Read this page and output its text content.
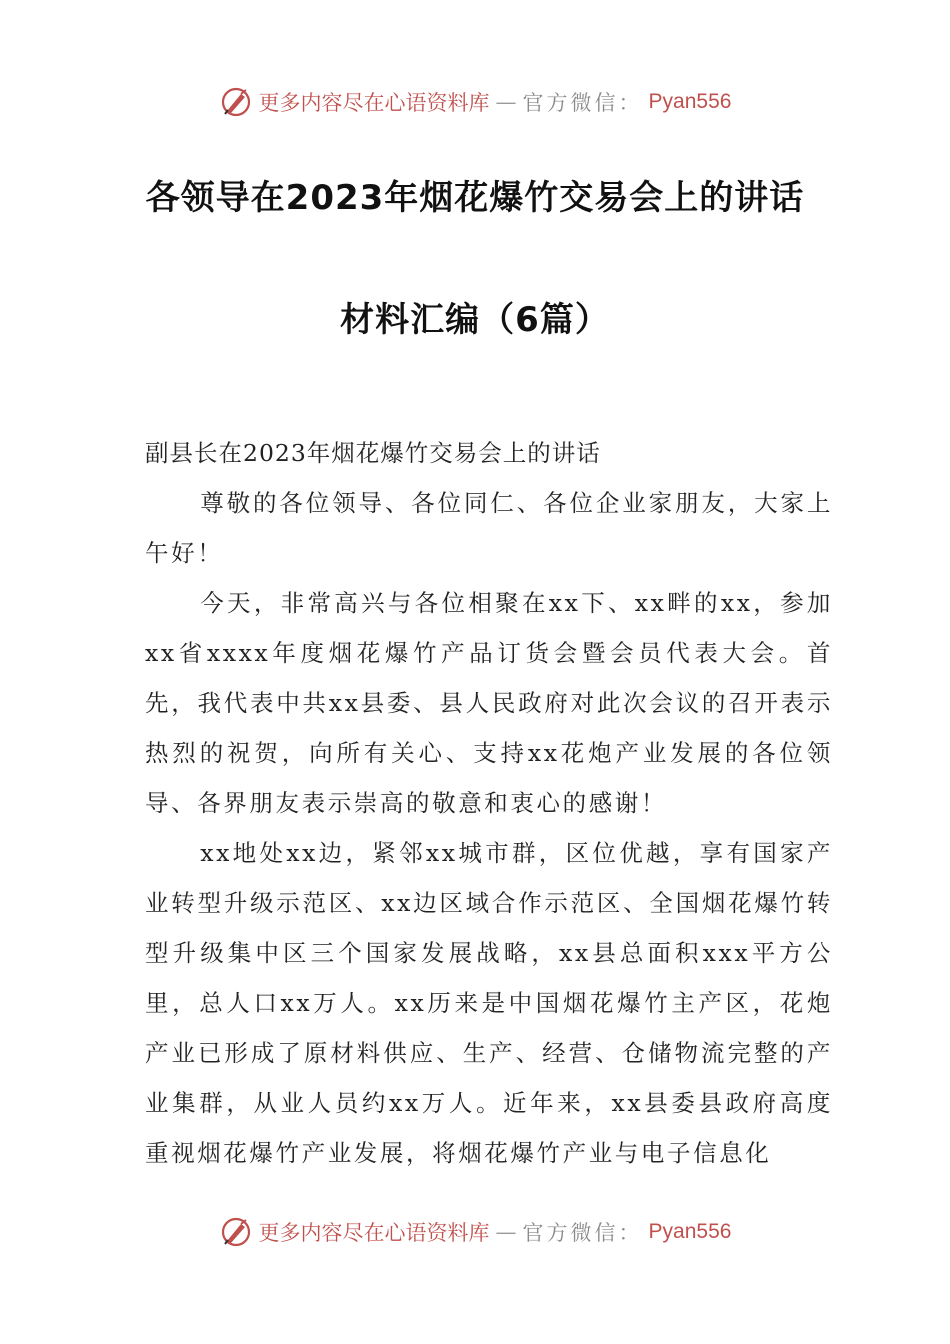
更多内容尽在心语资料库 — 官方微信： Pyan556
各领导在2023年烟花爆竹交易会上的讲话
材料汇编（6篇）

副县长在2023年烟花爆竹交易会上的讲话

尊敬的各位领导、各位同仁、各位企业家朋友，大家上午好！

今天，非常高兴与各位相聚在xx下、xx畔的xx，参加xx省xxxx年度烟花爆竹产品订货会暨会员代表大会。首先，我代表中共xx县委、县人民政府对此次会议的召开表示热烈的祝贺，向所有关心、支持xx花炮产业发展的各位领导、各界朋友表示崇高的敬意和衷心的感谢！

xx地处xx边，紧邻xx城市群，区位优越，享有国家产业转型升级示范区、xx边区域合作示范区、全国烟花爆竹转型升级集中区三个国家发展战略，xx县总面积xxx平方公里，总人口xx万人。xx历来是中国烟花爆竹主产区，花炮产业已形成了原材料供应、生产、经营、仓储物流完整的产业集群，从业人员约xx万人。近年来，xx县委县政府高度重视烟花爆竹产业发展，将烟花爆竹产业与电子信息化

更多内容尽在心语资料库 — 官方微信： Pyan556
